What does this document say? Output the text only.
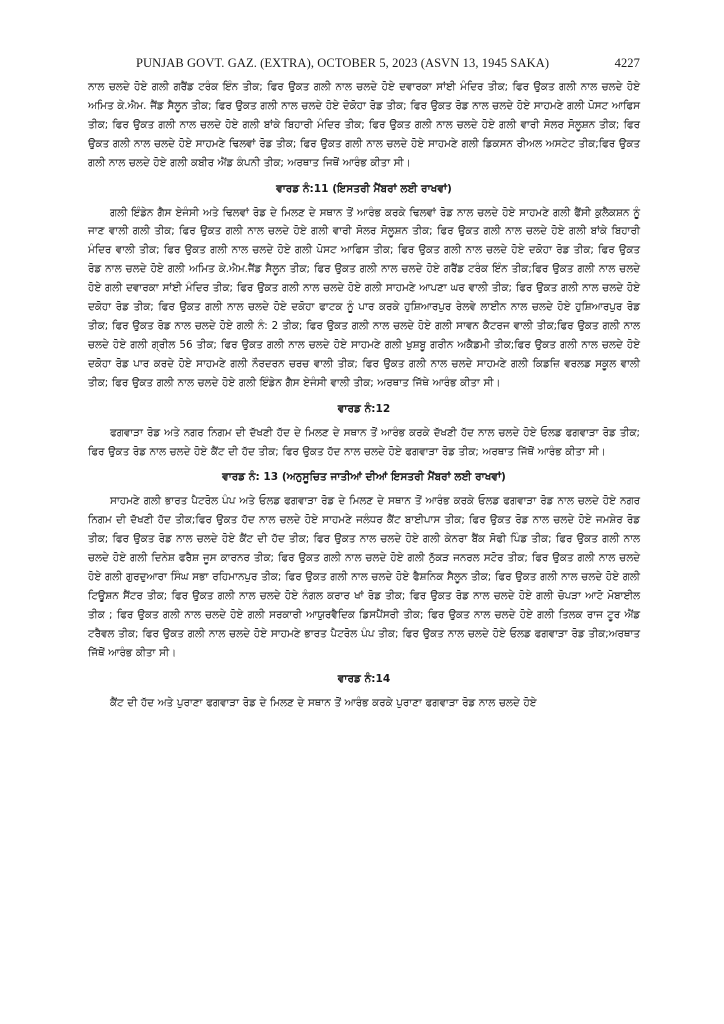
PUNJAB GOVT. GAZ. (EXTRA), OCTOBER 5, 2023 (ASVN 13, 1945 SAKA)	4227

ਨਾਲ ਚਲਦੇ ਹੋਏ ਗਲੀ ਗਰੈਂਡ ਟਰੰਕ ਇੰਨ ਤੀਕ; ਫਿਰ ਉਕਤ ਗਲੀ ਨਾਲ ਚਲਦੇ ਹੋਏ ਦਵਾਰਕਾ ਸਾਂਈ ਮੰਦਿਰ ਤੀਕ; ਫਿਰ ਉਕਤ ਗਲੀ ਨਾਲ ਚਲਦੇ ਹੋਏ ਅਮਿਤ ਕੇ.ਐਮ. ਜੈਂਡ ਸੈਲੂਨ ਤੀਕ; ਫਿਰ ਉਕਤ ਗਲੀ ਨਾਲ ਚਲਦੇ ਹੋਏ ਦੋਕੋਹਾ ਰੋਡ ਤੀਕ; ਫਿਰ ਉਕਤ ਰੋਡ ਨਾਲ ਚਲਦੇ ਹੋਏ ਸਾਹਮਣੇ ਗਲੀ ਪੋਸਟ ਆਫਿਸ ਤੀਕ; ਫਿਰ ਉਕਤ ਗਲੀ ਨਾਲ ਚਲਦੇ ਹੋਏ ਗਲੀ ਬਾਂਕੇ ਬਿਹਾਰੀ ਮੰਦਿਰ ਤੀਕ; ਫਿਰ ਉਕਤ ਗਲੀ ਨਾਲ ਚਲਦੇ ਹੋਏ ਗਲੀ ਵਾਰੀ ਸੋਲਰ ਸੋਲੂਸ਼ਨ ਤੀਕ; ਫਿਰ ਉਕਤ ਗਲੀ ਨਾਲ ਚਲਦੇ ਹੋਏ ਸਾਹਮਣੇ ਢਿਲਵਾਂ ਰੋਡ ਤੀਕ; ਫਿਰ ਉਕਤ ਗਲੀ ਨਾਲ ਚਲਦੇ ਹੋਏ ਸਾਹਮਣੇ ਗਲੀ ਡਿਕਸਨ ਰੀਅਲ ਅਸਟੇਟ ਤੀਕ;ਫਿਰ ਉਕਤ ਗਲੀ ਨਾਲ ਚਲਦੇ ਹੋਏ ਗਲੀ ਕਬੀਰ ਐਂਡ ਕੰਪਨੀ ਤੀਕ; ਅਰਥਾਤ ਜਿਥੋਂ ਆਰੰਭ ਕੀਤਾ ਸੀ।

ਵਾਰਡ ਨੰ:11 (ਇਸਤਰੀ ਮੈਂਬਰਾਂ ਲਈ ਰਾਖਵਾਂ)

ਗਲੀ ਇੰਡੇਨ ਗੈਸ ਏਜੰਸੀ ਅਤੇ ਢਿਲਵਾਂ ਰੋਡ ਦੇ ਮਿਲਣ ਦੇ ਸਥਾਨ ਤੋਂ ਆਰੰਭ ਕਰਕੇ ਢਿਲਵਾਂ ਰੋਡ ਨਾਲ ਚਲਦੇ ਹੋਏ ਸਾਹਮਣੇ ਗਲੀ ਫੈਂਸੀ ਕੁਲੈਕਸ਼ਨ ਨੂੰ ਜਾਣ ਵਾਲੀ ਗਲੀ ਤੀਕ; ਫਿਰ ਉਕਤ ਗਲੀ ਨਾਲ ਚਲਦੇ ਹੋਏ ਗਲੀ ਵਾਰੀ ਸੋਲਰ ਸੋਲੂਸ਼ਨ ਤੀਕ; ਫਿਰ ਉਕਤ ਗਲੀ ਨਾਲ ਚਲਦੇ ਹੋਏ ਗਲੀ ਬਾਂਕੇ ਬਿਹਾਰੀ ਮੰਦਿਰ ਵਾਲੀ ਤੀਕ; ਫਿਰ ਉਕਤ ਗਲੀ ਨਾਲ ਚਲਦੇ ਹੋਏ ਗਲੀ ਪੋਸਟ ਆਫਿਸ ਤੀਕ; ਫਿਰ ਉਕਤ ਗਲੀ ਨਾਲ ਚਲਦੇ ਹੋਏ ਦਕੋਹਾ ਰੋਡ ਤੀਕ; ਫਿਰ ਉਕਤ ਰੋਡ ਨਾਲ ਚਲਦੇ ਹੋਏ ਗਲੀ ਅਮਿਤ ਕੇ.ਐਮ.ਜੈਂਡ ਸੈਲੂਨ ਤੀਕ; ਫਿਰ ਉਕਤ ਗਲੀ ਨਾਲ ਚਲਦੇ ਹੋਏ ਗਰੈਂਡ ਟਰੰਕ ਇੰਨ ਤੀਕ;ਫਿਰ ਉਕਤ ਗਲੀ ਨਾਲ ਚਲਦੇ ਹੋਏ ਗਲੀ ਦਵਾਰਕਾ ਸਾਂਈ ਮੰਦਿਰ ਤੀਕ; ਫਿਰ ਉਕਤ ਗਲੀ ਨਾਲ ਚਲਦੇ ਹੋਏ ਗਲੀ ਸਾਹਮਣੇ ਆਪਣਾ ਘਰ ਵਾਲੀ ਤੀਕ; ਫਿਰ ਉਕਤ ਗਲੀ ਨਾਲ ਚਲਦੇ ਹੋਏ ਦਕੋਹਾ ਰੋਡ ਤੀਕ; ਫਿਰ ਉਕਤ ਗਲੀ ਨਾਲ ਚਲਦੇ ਹੋਏ ਦਕੋਹਾ ਫਾਟਕ ਨੂੰ ਪਾਰ ਕਰਕੇ ਹੁਸ਼ਿਆਰਪੁਰ ਰੇਲਵੇ ਲਾਈਨ ਨਾਲ ਚਲਦੇ ਹੋਏ ਹੁਸ਼ਿਆਰਪੁਰ ਰੋਡ ਤੀਕ; ਫਿਰ ਉਕਤ ਰੋਡ ਨਾਲ ਚਲਦੇ ਹੋਏ ਗਲੀ ਨੰ: 2 ਤੀਕ; ਫਿਰ ਉਕਤ ਗਲੀ ਨਾਲ ਚਲਦੇ ਹੋਏ ਗਲੀ ਸਾਵਨ ਕੈਟਰਜ ਵਾਲੀ ਤੀਕ;ਫਿਰ ਉਕਤ ਗਲੀ ਨਾਲ ਚਲਦੇ ਹੋਏ ਗਲੀ ਗ੍ਰੀਲ 56 ਤੀਕ; ਫਿਰ ਉਕਤ ਗਲੀ ਨਾਲ ਚਲਦੇ ਹੋਏ ਸਾਹਮਣੇ ਗਲੀ ਖੁਸ਼ਬੂ ਗਰੀਨ ਅਕੈਡਮੀ ਤੀਕ;ਫਿਰ ਉਕਤ ਗਲੀ ਨਾਲ ਚਲਦੇ ਹੋਏ ਦਕੋਹਾ ਰੋਡ ਪਾਰ ਕਰਦੇ ਹੋਏ ਸਾਹਮਣੇ ਗਲੀ ਨੌਰਦਰਨ ਚਰਚ ਵਾਲੀ ਤੀਕ; ਫਿਰ ਉਕਤ ਗਲੀ ਨਾਲ ਚਲਦੇ ਸਾਹਮਣੇ ਗਲੀ ਕਿਡਜ਼ਿ ਵਰਲਡ ਸਕੂਲ ਵਾਲੀ ਤੀਕ; ਫਿਰ ਉਕਤ ਗਲੀ ਨਾਲ ਚਲਦੇ ਹੋਏ ਗਲੀ ਇੰਡੇਨ ਗੈਸ ਏਜੰਸੀ ਵਾਲੀ ਤੀਕ; ਅਰਥਾਤ ਜਿੱਥੇ ਆਰੰਭ ਕੀਤਾ ਸੀ।

ਵਾਰਡ ਨੰ:12

ਫਗਵਾੜਾ ਰੋਡ ਅਤੇ ਨਗਰ ਨਿਗਮ ਦੀ ਦੱਖਣੀ ਹੱਦ ਦੇ ਮਿਲਣ ਦੇ ਸਥਾਨ ਤੋਂ ਆਰੰਭ ਕਰਕੇ ਦੱਖਣੀ ਹੱਦ ਨਾਲ ਚਲਦੇ ਹੋਏ ਓਲਡ ਫਗਵਾੜਾ ਰੋਡ ਤੀਕ; ਫਿਰ ਉਕਤ ਰੋਡ ਨਾਲ ਚਲਦੇ ਹੋਏ ਕੈਂਟ ਦੀ ਹੱਦ ਤੀਕ; ਫਿਰ ਉਕਤ ਹੱਦ ਨਾਲ ਚਲਦੇ ਹੋਏ ਫਗਵਾੜਾ ਰੋਡ ਤੀਕ; ਅਰਥਾਤ ਜਿੱਥੋਂ ਆਰੰਭ ਕੀਤਾ ਸੀ।

ਵਾਰਡ ਨੰ: 13 (ਅਨੁਸੂਚਿਤ ਜਾਤੀਆਂ ਦੀਆਂ ਇਸਤਰੀ ਮੈਂਬਰਾਂ ਲਈ ਰਾਖਵਾਂ)

ਸਾਹਮਣੇ ਗਲੀ ਭਾਰਤ ਪੈਟਰੋਲ ਪੰਪ ਅਤੇ ਓਲਡ ਫਗਵਾੜਾ ਰੋਡ ਦੇ ਮਿਲਣ ਦੇ ਸਥਾਨ ਤੋਂ ਆਰੰਭ ਕਰਕੇ ਓਲਡ ਫਗਵਾੜਾ ਰੋਡ ਨਾਲ ਚਲਦੇ ਹੋਏ ਨਗਰ ਨਿਗਮ ਦੀ ਦੱਖਣੀ ਹੱਦ ਤੀਕ;ਫਿਰ ਉਕਤ ਹੱਦ ਨਾਲ ਚਲਦੇ ਹੋਏ ਸਾਹਮਣੇ ਜਲੰਧਰ ਕੈਂਟ ਬਾਈਪਾਸ ਤੀਕ; ਫਿਰ ਉਕਤ ਰੋਡ ਨਾਲ ਚਲਦੇ ਹੋਏ ਜਮਸ਼ੇਰ ਰੋਡ ਤੀਕ; ਫਿਰ ਉਕਤ ਰੋਡ ਨਾਲ ਚਲਦੇ ਹੋਏ ਕੈਂਟ ਦੀ ਹੱਦ ਤੀਕ; ਫਿਰ ਉਕਤ ਨਾਲ ਚਲਦੇ ਹੋਏ ਗਲੀ ਕੇਨਰਾ ਬੈਂਕ ਸੋਫੀ ਪਿੰਡ ਤੀਕ; ਫਿਰ ਉਕਤ ਗਲੀ ਨਾਲ ਚਲਦੇ ਹੋਏ ਗਲੀ ਦਿਨੇਸ਼ ਫਰੈਸ਼ ਜੂਸ ਕਾਰਨਰ ਤੀਕ; ਫਿਰ ਉਕਤ ਗਲੀ ਨਾਲ ਚਲਦੇ ਹੋਏ ਗਲੀ ਨੁੱਕੜ ਜਨਰਲ ਸਟੋਰ ਤੀਕ; ਫਿਰ ਉਕਤ ਗਲੀ ਨਾਲ ਚਲਦੇ ਹੋਏ ਗਲੀ ਗੁਰਦੁਆਰਾ ਸਿੰਘ ਸਭਾ ਰਹਿਮਾਨਪੁਰ ਤੀਕ; ਫਿਰ ਉਕਤ ਗਲੀ ਨਾਲ ਚਲਦੇ ਹੋਏ ਫੈਸ਼ਨਿਕ ਸੈਲੂਨ ਤੀਕ; ਫਿਰ ਉਕਤ ਗਲੀ ਨਾਲ ਚਲਦੇ ਹੋਏ ਗਲੀ ਟਿਊਸ਼ਨ ਸੈਂਟਰ ਤੀਕ; ਫਿਰ ਉਕਤ ਗਲੀ ਨਾਲ ਚਲਦੇ ਹੋਏ ਨੰਗਲ ਕਰਾਰ ਖਾਂ ਰੋਡ ਤੀਕ; ਫਿਰ ਉਕਤ ਰੋਡ ਨਾਲ ਚਲਦੇ ਹੋਏ ਗਲੀ ਚੋਪੜਾ ਆਟੋ ਮੋਬਾਈਲ ਤੀਕ ; ਫਿਰ ਉਕਤ ਗਲੀ ਨਾਲ ਚਲਦੇ ਹੋਏ ਗਲੀ ਸਰਕਾਰੀ ਆਯੁਰਵੈਦਿਕ ਡਿਸਪੈਂਸਰੀ ਤੀਕ; ਫਿਰ ਉਕਤ ਨਾਲ ਚਲਦੇ ਹੋਏ ਗਲੀ ਤਿਲਕ ਰਾਜ ਟੂਰ ਐਂਡ ਟਰੈਵਲ ਤੀਕ; ਫਿਰ ਉਕਤ ਗਲੀ ਨਾਲ ਚਲਦੇ ਹੋਏ ਸਾਹਮਣੇ ਭਾਰਤ ਪੈਟਰੋਲ ਪੰਪ ਤੀਕ; ਫਿਰ ਉਕਤ ਨਾਲ ਚਲਦੇ ਹੋਏ ਓਲਡ ਫਗਵਾੜਾ ਰੋਡ ਤੀਕ;ਅਰਥਾਤ ਜਿੱਥੋਂ ਆਰੰਭ ਕੀਤਾ ਸੀ।

ਵਾਰਡ ਨੰ:14

ਕੈਂਟ ਦੀ ਹੱਦ ਅਤੇ ਪੁਰਾਣਾ ਫਗਵਾੜਾ ਰੋਡ ਦੇ ਮਿਲਣ ਦੇ ਸਥਾਨ ਤੋਂ ਆਰੰਭ ਕਰਕੇ ਪੁਰਾਣਾ ਫਗਵਾੜਾ ਰੋਡ ਨਾਲ ਚਲਦੇ ਹੋਏ
